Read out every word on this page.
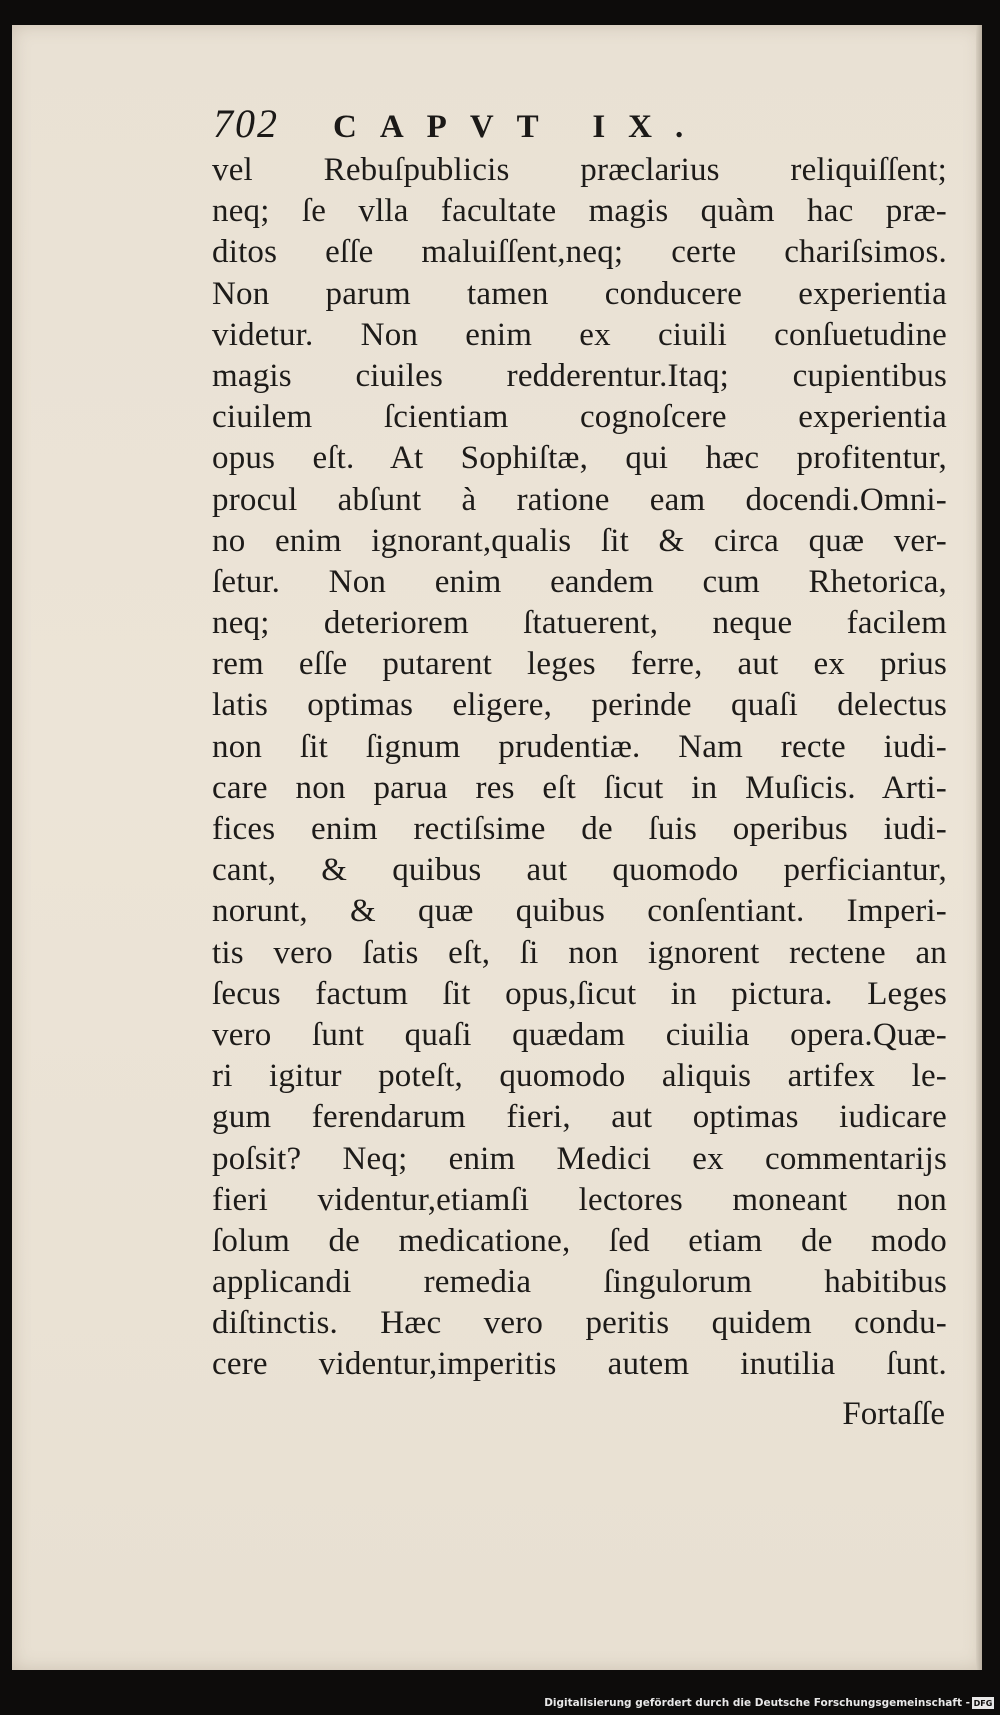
702	CAPVT IX.
vel Rebuſpublicis præclarius reliquiſſent;
neq; ſe vlla facultate magis quàm hac præ-
ditos eſſe maluiſſent,neq; certe chariſsimos.
Non parum tamen conducere experientia
videtur. Non enim ex ciuili conſuetudine
magis ciuiles redderentur.Itaq; cupientibus
ciuilem ſcientiam cognoſcere experientia
opus eſt. At Sophiſtæ, qui hæc profitentur,
procul abſunt à ratione eam docendi.Omni-
no enim ignorant,qualis ſit & circa quæ ver-
ſetur. Non enim eandem cum Rhetorica,
neq; deteriorem ſtatuerent, neque facilem
rem eſſe putarent leges ferre, aut ex prius
latis optimas eligere, perinde quaſi delectus
non ſit ſignum prudentiæ. Nam recte iudi-
care non parua res eſt ſicut in Muſicis. Arti-
fices enim rectiſsime de ſuis operibus iudi-
cant, & quibus aut quomodo perficiantur,
norunt, & quæ quibus conſentiant. Imperi-
tis vero ſatis eſt, ſi non ignorent rectene an
ſecus factum ſit opus,ſicut in pictura. Leges
vero ſunt quaſi quædam ciuilia opera.Quæ-
ri igitur poteſt, quomodo aliquis artifex le-
gum ferendarum fieri, aut optimas iudicare
poſsit? Neq; enim Medici ex commentarijs
fieri videntur,etiamſi lectores moneant non
ſolum de medicatione, ſed etiam de modo
applicandi remedia ſingulorum habitibus
diſtinctis. Hæc vero peritis quidem condu-
cere videntur,imperitis autem inutilia ſunt.
Fortaſſe
Digitalisierung gefördert durch die Deutsche Forschungsgemeinschaft - DFG
